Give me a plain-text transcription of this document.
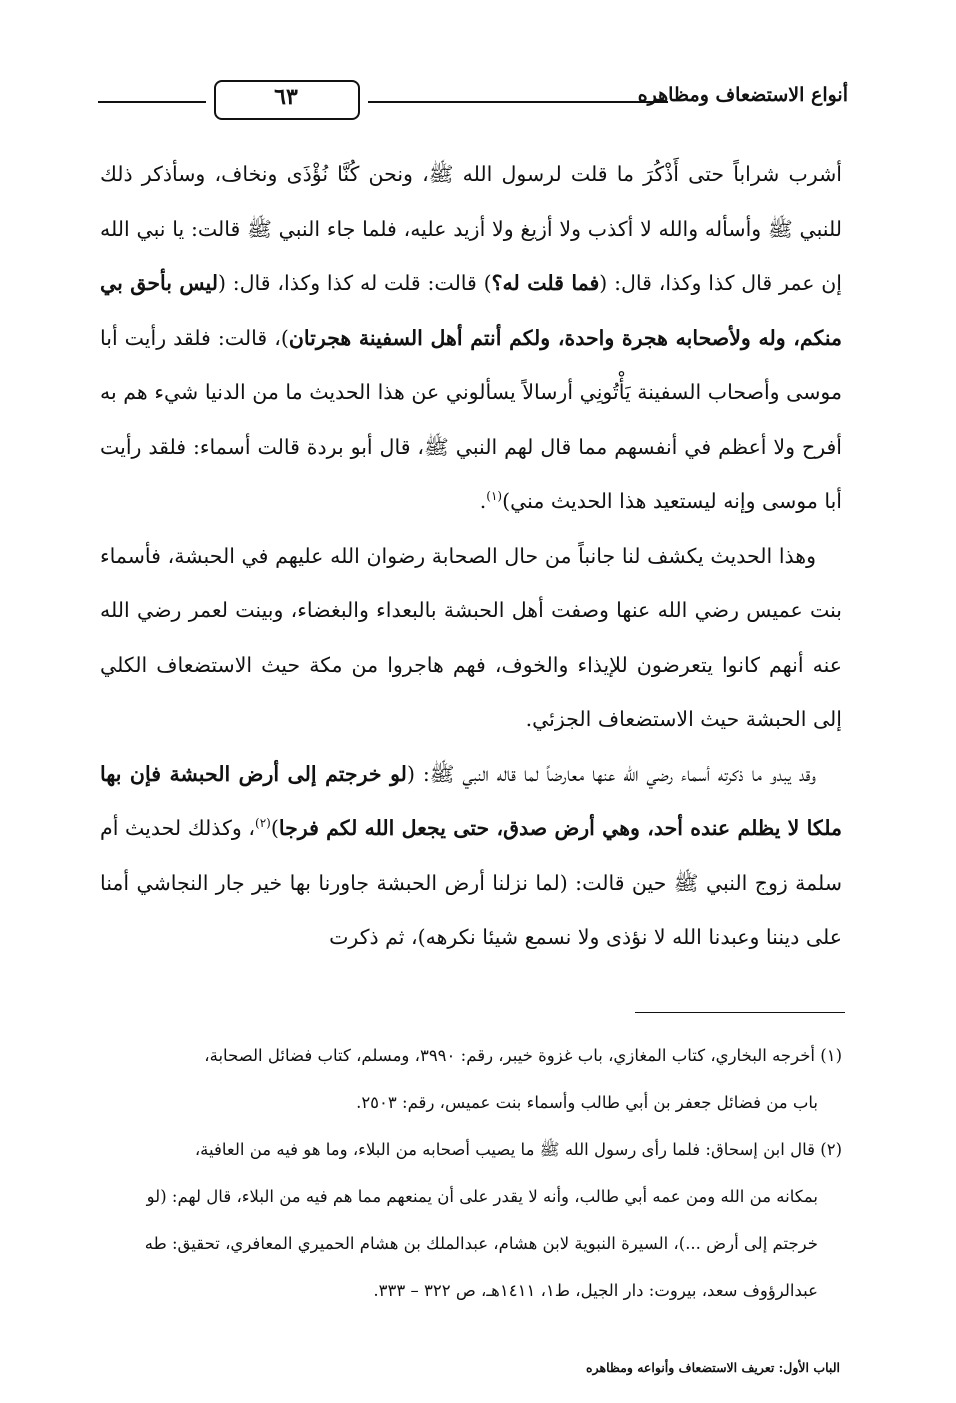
٦٣	أنواع الاستضعاف ومظاهره

أشرب شراباً حتى أَذْكُرَ ما قلت لرسول الله ﷺ، ونحن كُنَّا نُؤْذَى ونخاف، وسأذكر ذلك للنبي ﷺ وأسأله والله لا أكذب ولا أزيغ ولا أزيد عليه، فلما جاء النبي ﷺ قالت: يا نبي الله إن عمر قال كذا وكذا، قال: (فما قلت له؟) قالت: قلت له كذا وكذا، قال: (ليس بأحق بي منكم، وله ولأصحابه هجرة واحدة، ولكم أنتم أهل السفينة هجرتان)، قالت: فلقد رأيت أبا موسى وأصحاب السفينة يَأْتُونِي أرسالاً يسألوني عن هذا الحديث ما من الدنيا شيء هم به أفرح ولا أعظم في أنفسهم مما قال لهم النبي ﷺ، قال أبو بردة قالت أسماء: فلقد رأيت أبا موسى وإنه ليستعيد هذا الحديث مني)$^{(١)}$.

وهذا الحديث يكشف لنا جانباً من حال الصحابة رضوان الله عليهم في الحبشة، فأسماء بنت عميس رضي الله عنها وصفت أهل الحبشة بالبعداء والبغضاء، وبينت لعمر رضي الله عنه أنهم كانوا يتعرضون للإيذاء والخوف، فهم هاجروا من مكة حيث الاستضعاف الكلي إلى الحبشة حيث الاستضعاف الجزئي.

وقد يبدو ما ذكرته أسماء رضي الله عنها معارضاً لما قاله النبي ﷺ: (لو خرجتم إلى أرض الحبشة فإن بها ملكا لا يظلم عنده أحد، وهي أرض صدق، حتى يجعل الله لكم فرجا)$^{(٢)}$، وكذلك لحديث أم سلمة زوج النبي ﷺ حين قالت: (لما نزلنا أرض الحبشة جاورنا بها خير جار النجاشي أمنا على ديننا وعبدنا الله لا نؤذى ولا نسمع شيئا نكرهه)، ثم ذكرت

(١) أخرجه البخاري، كتاب المغازي، باب غزوة خيبر، رقم: ٣٩٩٠، ومسلم، كتاب فضائل الصحابة،

باب من فضائل جعفر بن أبي طالب وأسماء بنت عميس، رقم: ٢٥٠٣.

(٢) قال ابن إسحاق: فلما رأى رسول الله ﷺ ما يصيب أصحابه من البلاء، وما هو فيه من العافية،

بمكانه من الله ومن عمه أبي طالب، وأنه لا يقدر على أن يمنعهم مما هم فيه من البلاء، قال لهم: (لو

خرجتم إلى أرض ...)، السيرة النبوية لابن هشام، عبدالملك بن هشام الحميري المعافري، تحقيق: طه

عبدالرؤوف سعد، بيروت: دار الجيل، ط١، ١٤١١هـ، ص ٣٢٢ – ٣٣٣.

الباب الأول: تعريف الاستضعاف وأنواعه ومظاهره
